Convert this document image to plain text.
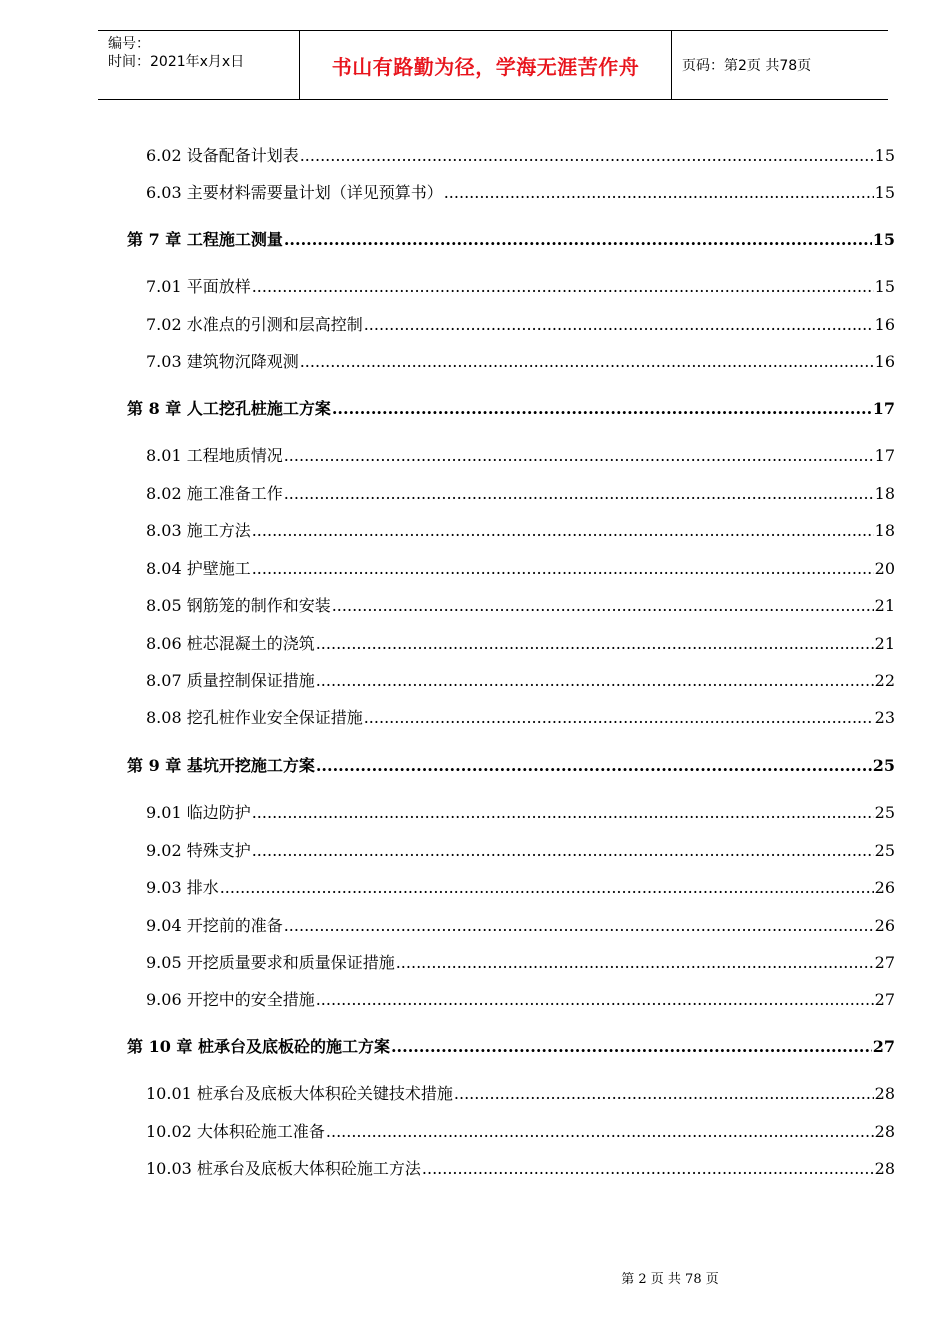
编号：
时间：2021年x月x日	书山有路勤为径，学海无涯苦作舟	页码：第2页 共78页
6.02 设备配备计划表 .....	15
6.03 主要材料需要量计划（详见预算书） .....	15
第 7 章 工程施工测量 .....	15
7.01 平面放样 .....	15
7.02 水准点的引测和层高控制 .....	16
7.03 建筑物沉降观测 .....	16
第 8 章 人工挖孔桩施工方案 .....	17
8.01 工程地质情况 .....	17
8.02 施工准备工作 .....	18
8.03 施工方法 .....	18
8.04 护壁施工 .....	20
8.05 钢筋笼的制作和安装 .....	21
8.06 桩芯混凝土的浇筑 .....	21
8.07 质量控制保证措施 .....	22
8.08 挖孔桩作业安全保证措施 .....	23
第 9 章 基坑开挖施工方案 .....	25
9.01 临边防护 .....	25
9.02 特殊支护 .....	25
9.03 排水 .....	26
9.04 开挖前的准备 .....	26
9.05 开挖质量要求和质量保证措施 .....	27
9.06 开挖中的安全措施 .....	27
第 10 章 桩承台及底板砼的施工方案 .....	27
10.01 桩承台及底板大体积砼关键技术措施 .....	28
10.02 大体积砼施工准备 .....	28
10.03 桩承台及底板大体积砼施工方法 .....	28
第 2 页 共 78 页
